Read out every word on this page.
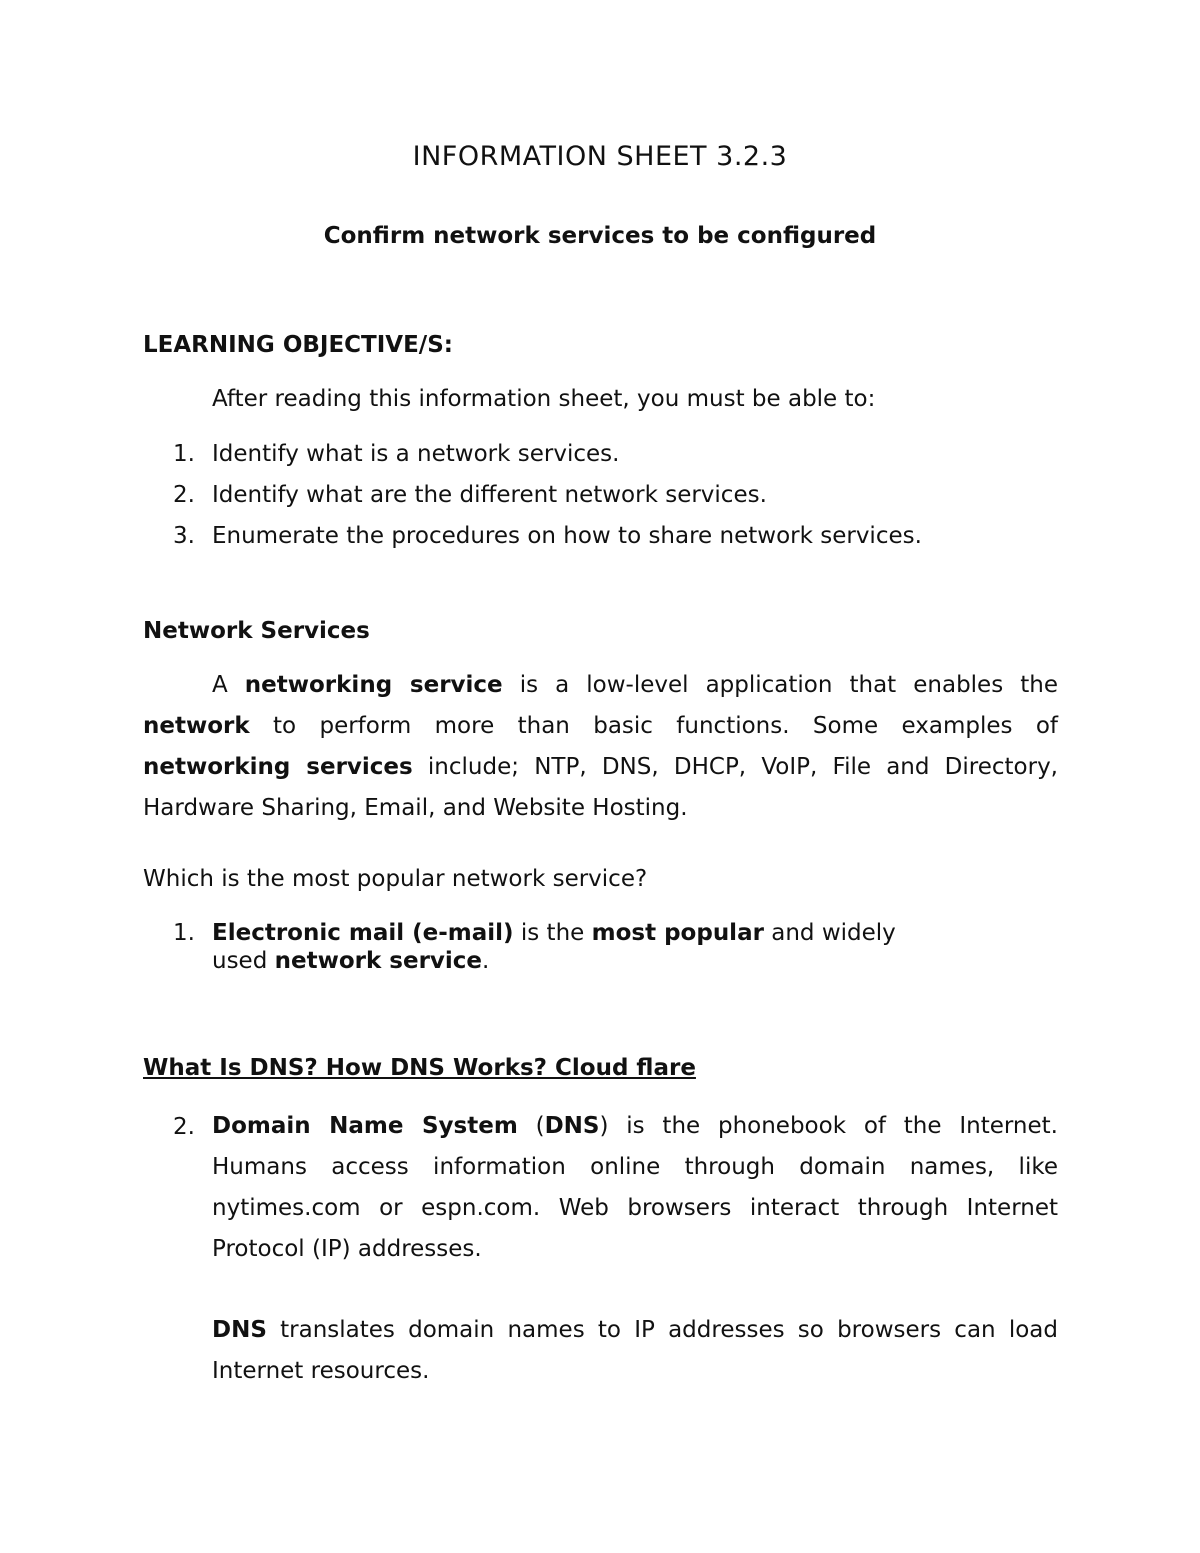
INFORMATION SHEET 3.2.3
Confirm network services to be configured
LEARNING OBJECTIVE/S:
After reading this information sheet, you must be able to:
1. Identify what is a network services.
2. Identify what are the different network services.
3. Enumerate the procedures on how to share network services.
Network Services
A networking service is a low-level application that enables the network to perform more than basic functions. Some examples of networking services include; NTP, DNS, DHCP, VoIP, File and Directory, Hardware Sharing, Email, and Website Hosting.
Which is the most popular network service?
1. Electronic mail (e-mail) is the most popular and widely
used network service.
What Is DNS? How DNS Works? Cloud flare
2. Domain Name System (DNS) is the phonebook of the Internet. Humans access information online through domain names, like nytimes.com or espn.com. Web browsers interact through Internet Protocol (IP) addresses.
DNS translates domain names to IP addresses so browsers can load Internet resources.
